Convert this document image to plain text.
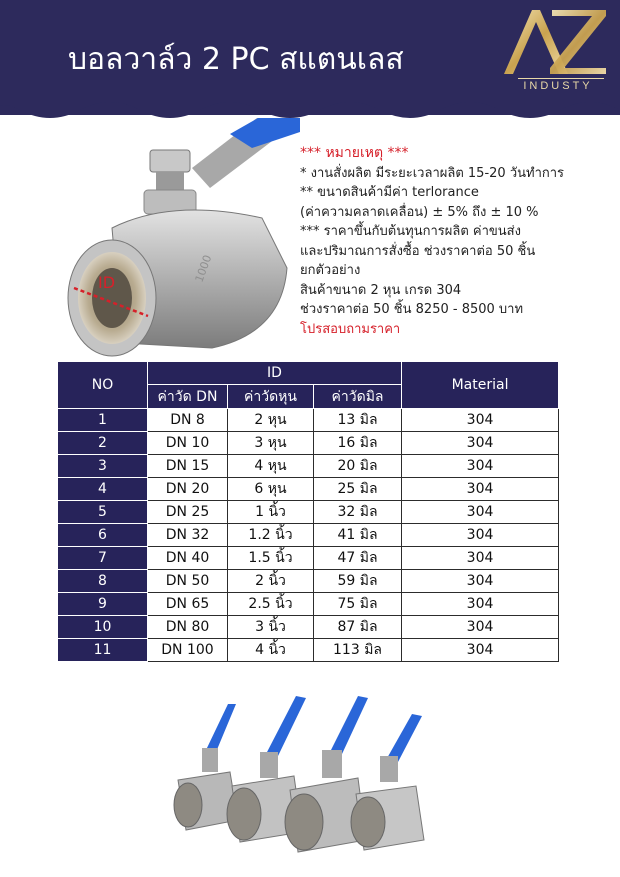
บอลวาล์ว 2 PC สแตนเลส
INDUSTY
ID	1000
*** หมายเหตุ ***
* งานสั่งผลิต มีระยะเวลาผลิต 15-20 วันทำการ
** ขนาดสินค้ามีค่า terlorance
(ค่าความคลาดเคลื่อน) ± 5% ถึง ± 10 %
*** ราคาขึ้นกับต้นทุนการผลิต ค่าขนส่ง
และปริมาณการสั่งซื้อ ช่วงราคาต่อ 50 ชิ้น
ยกตัวอย่าง
สินค้าขนาด 2 หุน เกรด 304
ช่วงราคาต่อ 50 ชิ้น 8250 - 8500 บาท
โปรสอบถามราคา
NO	ID			Material
	ค่าวัด DN	ค่าวัดหุน	ค่าวัดมิล	
1	DN 8	2 หุน	13 มิล	304
2	DN 10	3 หุน	16 มิล	304
3	DN 15	4 หุน	20 มิล	304
4	DN 20	6 หุน	25 มิล	304
5	DN 25	1 นิ้ว	32 มิล	304
6	DN 32	1.2 นิ้ว	41 มิล	304
7	DN 40	1.5 นิ้ว	47 มิล	304
8	DN 50	2 นิ้ว	59 มิล	304
9	DN 65	2.5 นิ้ว	75 มิล	304
10	DN 80	3 นิ้ว	87 มิล	304
11	DN 100	4 นิ้ว	113 มิล	304
